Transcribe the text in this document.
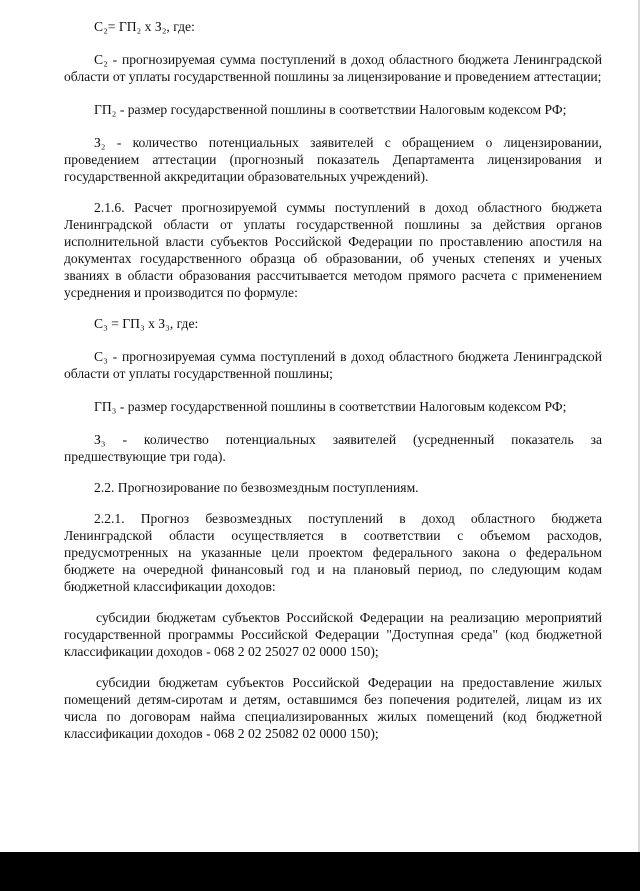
С₂= ГП₂ х З₂, где:

С₂ - прогнозируемая сумма поступлений в доход областного бюджета Ленинградской области от уплаты государственной пошлины за лицензирование и проведением аттестации;

ГП₂ - размер государственной пошлины в соответствии Налоговым кодексом РФ;

З₂ - количество потенциальных заявителей с обращением о лицензировании, проведением аттестации (прогнозный показатель Департамента лицензирования и государственной аккредитации образовательных учреждений).

2.1.6. Расчет прогнозируемой суммы поступлений в доход областного бюджета Ленинградской области от уплаты государственной пошлины за действия органов исполнительной власти субъектов Российской Федерации по проставлению апостиля на документах государственного образца об образовании, об ученых степенях и ученых званиях в области образования рассчитывается методом прямого расчета с применением усреднения и производится по формуле:

С₃ = ГП₃ х З₃, где:

С₃ - прогнозируемая сумма поступлений в доход областного бюджета Ленинградской области от уплаты государственной пошлины;

ГП₃ - размер государственной пошлины в соответствии Налоговым кодексом РФ;

З₃ - количество потенциальных заявителей (усредненный показатель за предшествующие три года).

2.2. Прогнозирование по безвозмездным поступлениям.

2.2.1. Прогноз безвозмездных поступлений в доход областного бюджета Ленинградской области осуществляется в соответствии с объемом расходов, предусмотренных на указанные цели проектом федерального закона о федеральном бюджете на очередной финансовый год и на плановый период, по следующим кодам бюджетной классификации доходов:

субсидии бюджетам субъектов Российской Федерации на реализацию мероприятий государственной программы Российской Федерации "Доступная среда" (код бюджетной классификации доходов - 068 2 02 25027 02 0000 150);

субсидии бюджетам субъектов Российской Федерации на предоставление жилых помещений детям-сиротам и детям, оставшимся без попечения родителей, лицам из их числа по договорам найма специализированных жилых помещений (код бюджетной классификации доходов - 068 2 02 25082 02 0000 150);
